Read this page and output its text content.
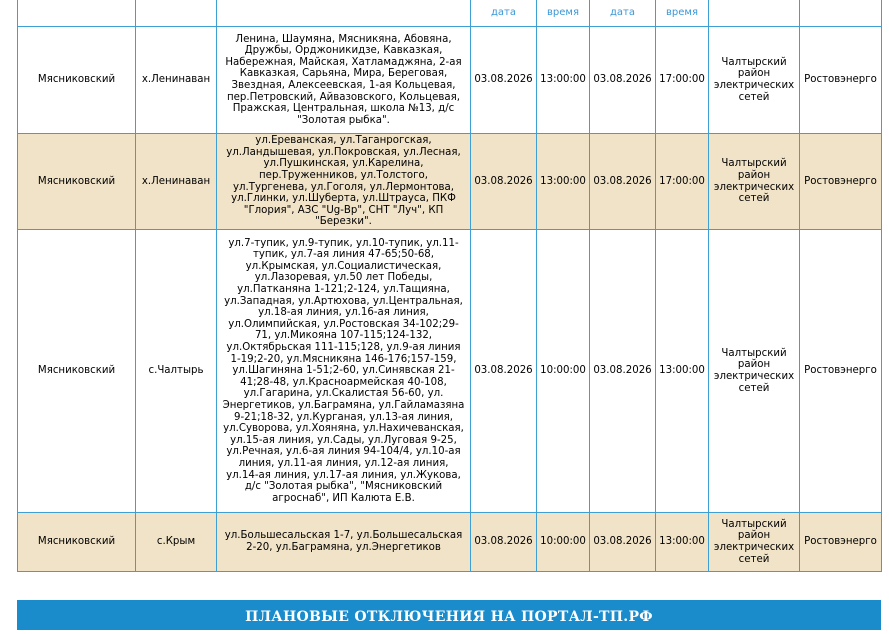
			дата	время	дата	время		
Мясниковский	х.Ленинаван	Ленина, Шаумяна, Мясникяна, Абовяна, Дружбы, Орджоникидзе, Кавказкая, Набережная, Майская, Хатламаджяна, 2-ая Кавказкая, Сарьяна, Мира, Береговая, Звездная, Алексеевская, 1-ая Кольцевая, пер.Петровский, Айвазовского, Кольцевая, Пражская, Центральная, школа №13, д/с "Золотая рыбка".	03.08.2026	13:00:00	03.08.2026	17:00:00	Чалтырский район электрических сетей	Ростовэнерго
Мясниковский	х.Ленинаван	ул.Ереванская, ул.Таганрогская, ул.Ландышевая, ул.Покровская, ул.Лесная, ул.Пушкинская, ул.Карелина, пер.Труженников, ул.Толстого, ул.Тургенева, ул.Гоголя, ул.Лермонтова, ул.Глинки, ул.Шуберта, ул.Штрауса, ПКФ "Глория", АЗС "Ug-Вр", СНТ "Луч", КП "Березки".	03.08.2026	13:00:00	03.08.2026	17:00:00	Чалтырский район электрических сетей	Ростовэнерго
Мясниковский	с.Чалтырь	ул.7-тупик, ул.9-тупик, ул.10-тупик, ул.11-тупик, ул.7-ая линия 47-65;50-68, ул.Крымская, ул.Социалистическая, ул.Лазоревая, ул.50 лет Победы, ул.Патканяна 1-121;2-124, ул.Тащияна, ул.Западная, ул.Артюхова, ул.Центральная, ул.18-ая линия, ул.16-ая линия, ул.Олимпийская, ул.Ростовская 34-102;29-71, ул.Микояна 107-115;124-132, ул.Октябрьская 111-115;128, ул.9-ая линия 1-19;2-20, ул.Мясникяна 146-176;157-159, ул.Шагиняна 1-51;2-60, ул.Синявская 21-41;28-48, ул.Красноармейская 40-108, ул.Гагарина, ул.Скалистая 56-60, ул. Энергетиков, ул.Баграмяна, ул.Гайламазяна 9-21;18-32, ул.Курганая, ул.13-ая линия, ул.Суворова, ул.Хояняна, ул.Нахичеванская, ул.15-ая линия, ул.Сады, ул.Луговая 9-25, ул.Речная, ул.6-ая линия 94-104/4, ул.10-ая линия, ул.11-ая линия, ул.12-ая линия, ул.14-ая линия, ул.17-ая линия, ул.Жукова, д/с "Золотая рыбка", "Мясниковский агроснаб", ИП Калюта Е.В.	03.08.2026	10:00:00	03.08.2026	13:00:00	Чалтырский район электрических сетей	Ростовэнерго
Мясниковский	с.Крым	ул.Большесальская 1-7, ул.Большесальская 2-20, ул.Баграмяна, ул.Энергетиков	03.08.2026	10:00:00	03.08.2026	13:00:00	Чалтырский район электрических сетей	Ростовэнерго
ПЛАНОВЫЕ ОТКЛЮЧЕНИЯ НА ПОРТАЛ-ТП.РФ
